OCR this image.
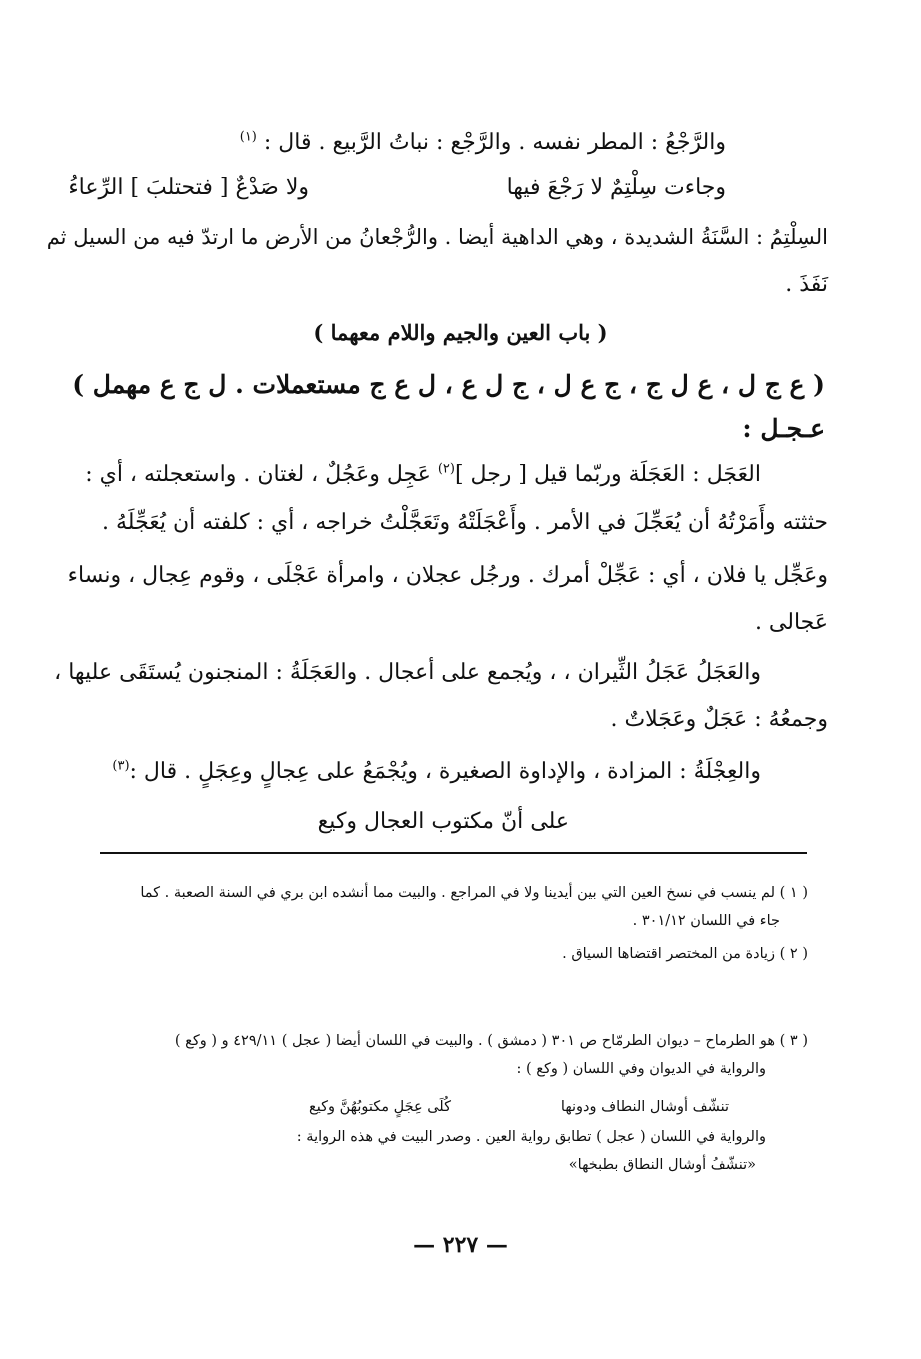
والرَّجْعُ : المطر نفسه . والرَّجْع : نباتُ الرَّبيع . قال : $^{(١)}$
وجاءت سِلْتِمٌ لا رَجْعَ فيها
ولا صَدْعٌ [ فتحتلبَ ] الرِّعاءُ
السِلْتِمُ : السَّنَةُ الشديدة ، وهي الداهية أيضا . والرُّجْعانُ من الأرض ما ارتدّ فيه من السيل ثم
نَفَذَ .
( باب العين والجيم واللام معهما )
( ع ج ل ، ع ل ج ، ج ع ل ، ج ل ع ، ل ع ج مستعملات . ل ج ع مهمل )
عـجـل :
العَجَل : العَجَلَة وربّما قيل [ رجل ]$^{(٢)}$ عَجِل وعَجُلٌ ، لغتان . واستعجلته ، أي :
حثثته وأَمَرْتُهُ أن يُعَجِّلَ في الأمر . وأَعْجَلَتْهُ وتَعَجَّلْتُ خراجه ، أي : كلفته أن يُعَجِّلَهُ .
وعَجِّل يا فلان ، أي : عَجِّلْ أمرك . ورجُل عجلان ، وامرأة عَجْلَى ، وقوم عِجال ، ونساء
عَجالى .
والعَجَلُ عَجَلُ الثِّيران ، ، ويُجمع على أعجال . والعَجَلَةُ : المنجنون يُستَقَى عليها ،
وجمعُهُ : عَجَلٌ وعَجَلاتٌ .
والعِجْلَةُ : المزادة ، والإداوة الصغيرة ، ويُجْمَعُ على عِجالٍ وعِجَلٍ . قال :$^{(٣)}$
على أنّ مكتوب العجال وكيع
( ١ ) لم ينسب في نسخ العين التي بين أيدينا ولا في المراجع . والبيت مما أنشده ابن بري في السنة الصعبة . كما
جاء في اللسان ٣٠١/١٢ .
( ٢ ) زيادة من المختصر اقتضاها السياق .
( ٣ ) هو الطرماح – ديوان الطرمّاح ص ٣٠١ ( دمشق ) . والبيت في اللسان أيضا ( عجل ) ٤٢٩/١١ و ( وكع )
والرواية في الديوان وفي اللسان ( وكع ) :
تنشّف أوشال النطاف ودونها
كُلَى عِجَلٍ مكتوبُهُنَّ وكيع
والرواية في اللسان ( عجل ) تطابق رواية العين . وصدر البيت في هذه الرواية :
«تنشّفُ أوشال النطاق بطبخها»
— ٢٢٧ —
